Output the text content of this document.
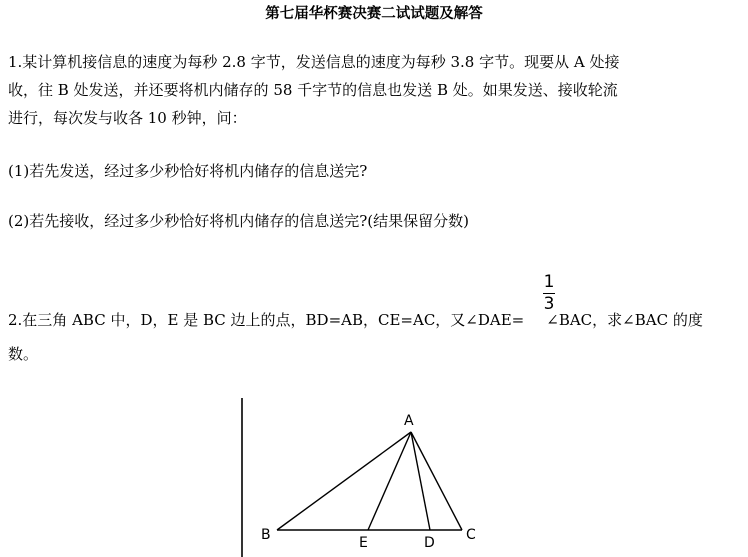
第七届华杯赛决赛二试试题及解答
1.某计算机接信息的速度为每秒 2.8 字节，发送信息的速度为每秒 3.8 字节。现要从 A 处接
收，往 B 处发送，并还要将机内储存的 58 千字节的信息也发送 B 处。如果发送、接收轮流
进行，每次发与收各 10 秒钟，问：
(1)若先发送，经过多少秒恰好将机内储存的信息送完?
(2)若先接收，经过多少秒恰好将机内储存的信息送完?(结果保留分数)
2.在三角 ABC 中，D，E 是 BC 边上的点，BD=AB，CE=AC，又∠DAE= ∠BAC，求∠BAC 的度
1
3
数。
A
B	C
D
E
